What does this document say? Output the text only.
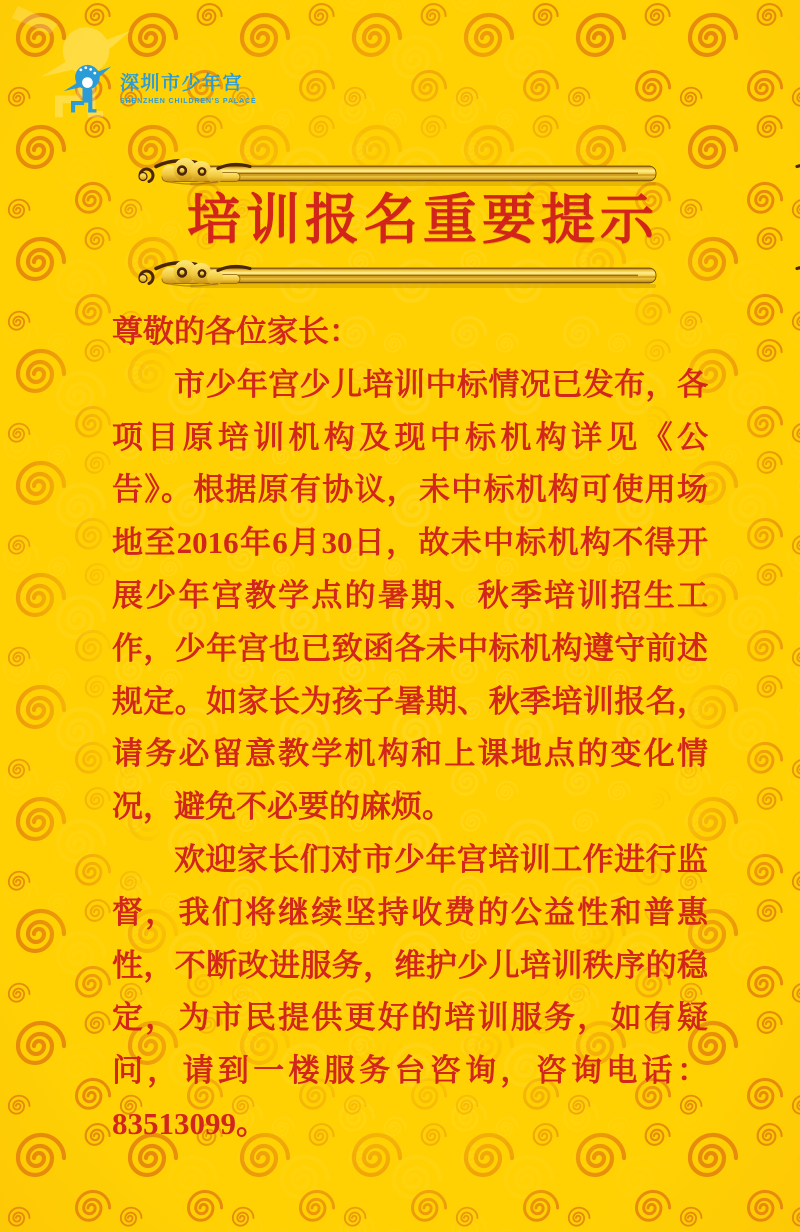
深圳市少年宫
SHENZHEN CHILDREN'S PALACE
培训报名重要提示

尊敬的各位家长：

市少年宫少儿培训中标情况已发布，各项目原培训机构及现中标机构详见《公告》。根据原有协议，未中标机构可使用场地至2016年6月30日，故未中标机构不得开展少年宫教学点的暑期、秋季培训招生工作，少年宫也已致函各未中标机构遵守前述规定。如家长为孩子暑期、秋季培训报名，请务必留意教学机构和上课地点的变化情况，避免不必要的麻烦。

欢迎家长们对市少年宫培训工作进行监督，我们将继续坚持收费的公益性和普惠性，不断改进服务，维护少儿培训秩序的稳定，为市民提供更好的培训服务，如有疑问，请到一楼服务台咨询，咨询电话：83513099。
